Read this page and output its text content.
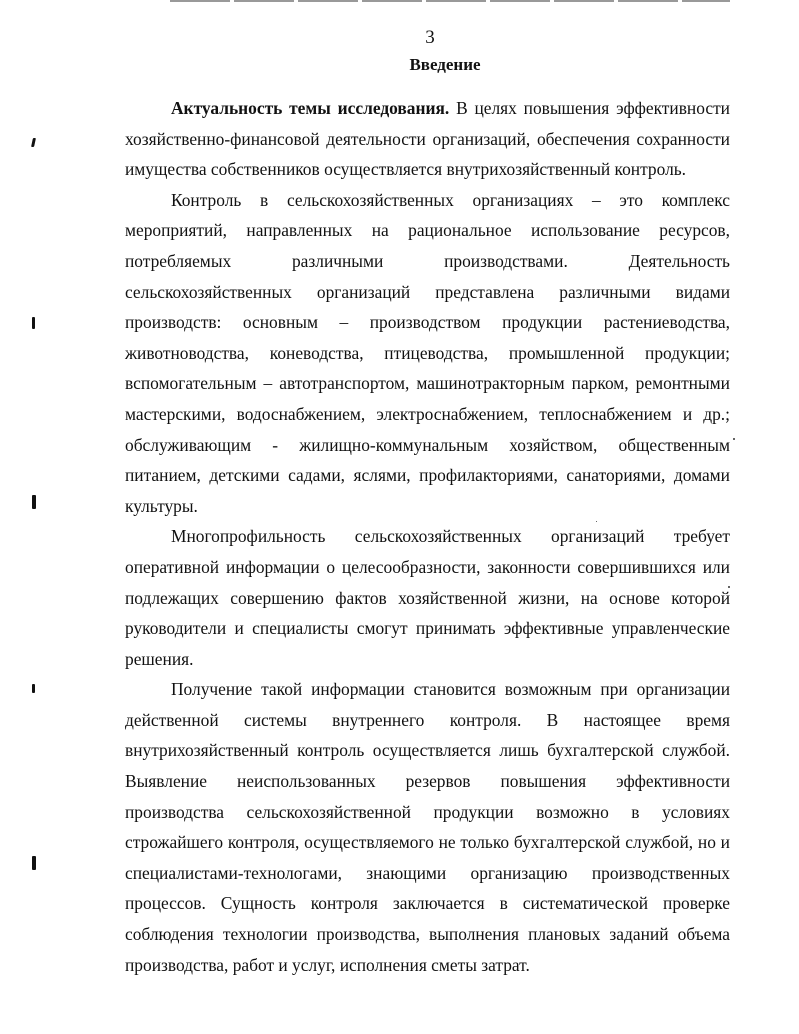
3
Введение

Актуальность темы исследования. В целях повышения эффективности хозяйственно-финансовой деятельности организаций, обеспечения сохранности имущества собственников осуществляется внутрихозяйственный контроль.

Контроль в сельскохозяйственных организациях – это комплекс мероприятий, направленных на рациональное использование ресурсов, потребляемых различными производствами. Деятельность сельскохозяйственных организаций представлена различными видами производств: основным – производством продукции растениеводства, животноводства, коневодства, птицеводства, промышленной продукции; вспомогательным – автотранспортом, машинотракторным парком, ремонтными мастерскими, водоснабжением, электроснабжением, теплоснабжением и др.; обслуживающим - жилищно-коммунальным хозяйством, общественным питанием, детскими садами, яслями, профилакториями, санаториями, домами культуры.

Многопрофильность сельскохозяйственных организаций требует оперативной информации о целесообразности, законности совершившихся или подлежащих совершению фактов хозяйственной жизни, на основе которой руководители и специалисты смогут принимать эффективные управленческие решения.

Получение такой информации становится возможным при организации действенной системы внутреннего контроля. В настоящее время внутрихозяйственный контроль осуществляется лишь бухгалтерской службой. Выявление неиспользованных резервов повышения эффективности производства сельскохозяйственной продукции возможно в условиях строжайшего контроля, осуществляемого не только бухгалтерской службой, но и специалистами-технологами, знающими организацию производственных процессов. Сущность контроля заключается в систематической проверке соблюдения технологии производства, выполнения плановых заданий объема производства, работ и услуг, исполнения сметы затрат.
